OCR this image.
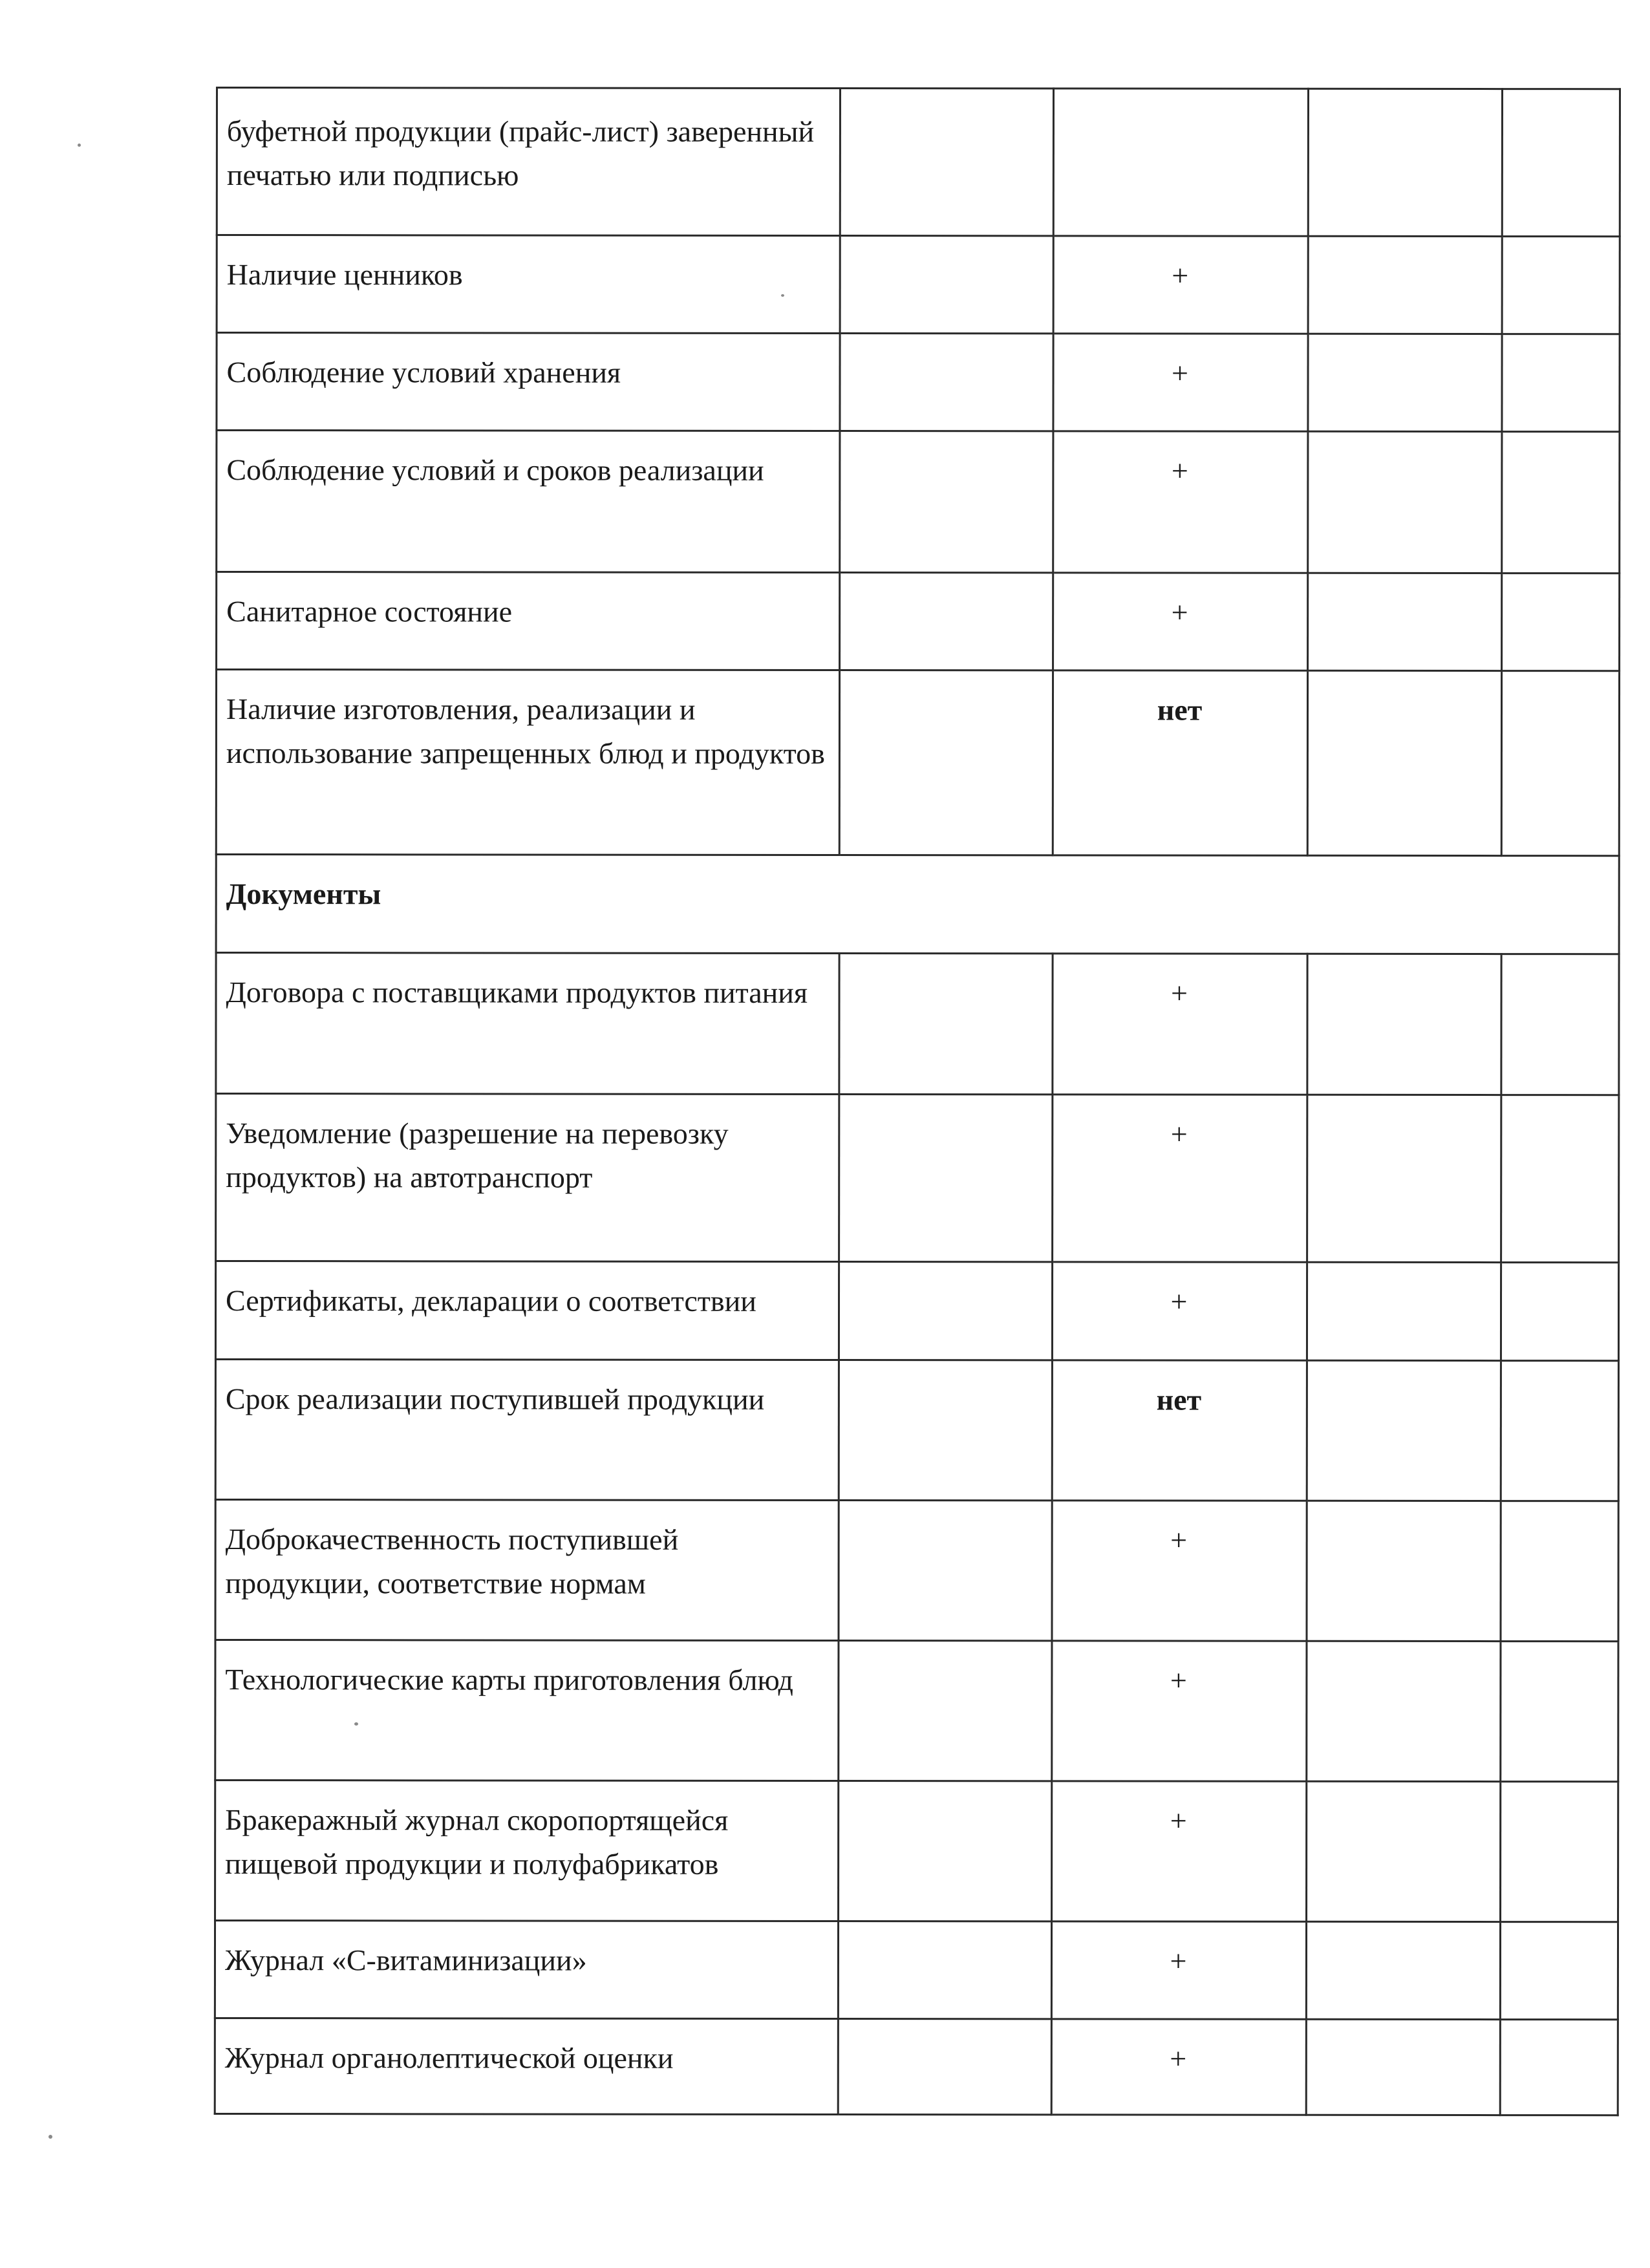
буфетной продукции (прайс-лист) заверенный печатью или подписью				
Наличие ценников		+		
Соблюдение условий хранения		+		
Соблюдение условий и сроков реализации		+		
Санитарное состояние		+		
Наличие изготовления, реализации и использование запрещенных блюд и продуктов		нет		
Документы				
Договора с поставщиками продуктов питания		+		
Уведомление (разрешение на перевозку продуктов) на автотранспорт		+		
Сертификаты, декларации о соответствии		+		
Срок реализации поступившей продукции		нет		
Доброкачественность поступившей продукции, соответствие нормам		+		
Технологические карты приготовления блюд		+		
Бракеражный журнал скоропортящейся пищевой продукции и полуфабрикатов		+		
Журнал «С-витаминизации»		+		
Журнал органолептической оценки		+		
